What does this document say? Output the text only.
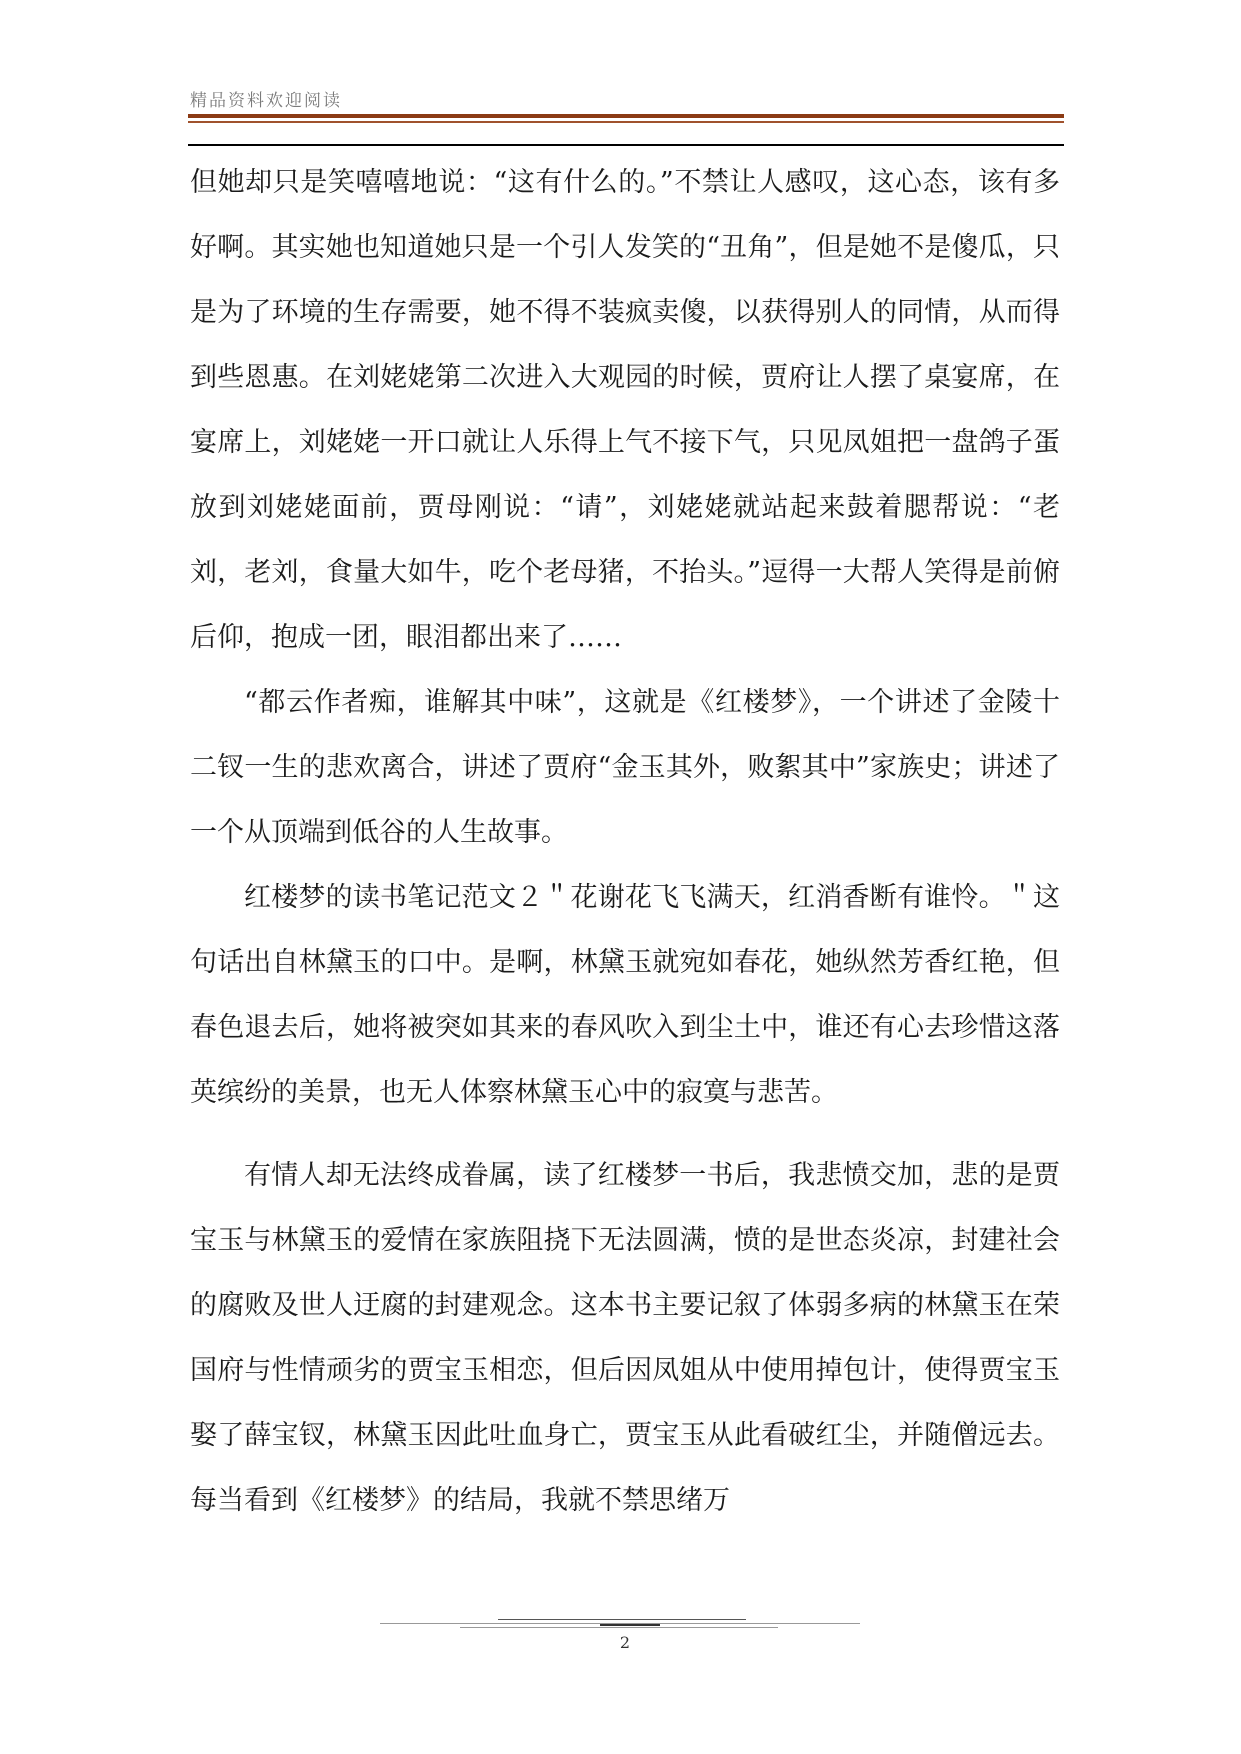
精品资料欢迎阅读

但她却只是笑嘻嘻地说：“这有什么的。”不禁让人感叹，这心态，该有多好啊。其实她也知道她只是一个引人发笑的“丑角”，但是她不是傻瓜，只是为了环境的生存需要，她不得不装疯卖傻，以获得别人的同情，从而得到些恩惠。在刘姥姥第二次进入大观园的时候，贾府让人摆了桌宴席，在宴席上，刘姥姥一开口就让人乐得上气不接下气，只见凤姐把一盘鸽子蛋放到刘姥姥面前，贾母刚说：“请”，刘姥姥就站起来鼓着腮帮说：“老刘，老刘，食量大如牛，吃个老母猪，不抬头。”逗得一大帮人笑得是前俯后仰，抱成一团，眼泪都出来了……

“都云作者痴，谁解其中味”，这就是《红楼梦》，一个讲述了金陵十二钗一生的悲欢离合，讲述了贾府“金玉其外，败絮其中”家族史；讲述了一个从顶端到低谷的人生故事。

红楼梦的读书笔记范文２＂花谢花飞飞满天，红消香断有谁怜。＂这句话出自林黛玉的口中。是啊，林黛玉就宛如春花，她纵然芳香红艳，但春色退去后，她将被突如其来的春风吹入到尘土中，谁还有心去珍惜这落英缤纷的美景，也无人体察林黛玉心中的寂寞与悲苦。

有情人却无法终成眷属，读了红楼梦一书后，我悲愤交加，悲的是贾宝玉与林黛玉的爱情在家族阻挠下无法圆满，愤的是世态炎凉，封建社会的腐败及世人迂腐的封建观念。这本书主要记叙了体弱多病的林黛玉在荣国府与性情顽劣的贾宝玉相恋，但后因凤姐从中使用掉包计，使得贾宝玉娶了薛宝钗，林黛玉因此吐血身亡，贾宝玉从此看破红尘，并随僧远去。每当看到《红楼梦》的结局，我就不禁思绪万

2
